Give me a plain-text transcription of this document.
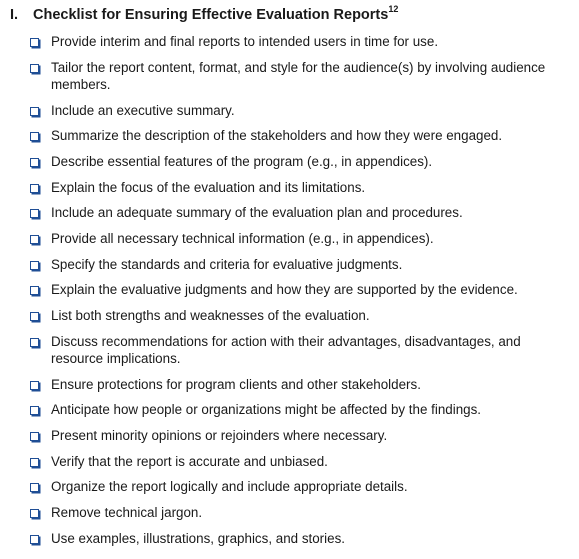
I. Checklist for Ensuring Effective Evaluation Reports$^{12}$
Provide interim and final reports to intended users in time for use.
Tailor the report content, format, and style for the audience(s) by involving audience members.
Include an executive summary.
Summarize the description of the stakeholders and how they were engaged.
Describe essential features of the program (e.g., in appendices).
Explain the focus of the evaluation and its limitations.
Include an adequate summary of the evaluation plan and procedures.
Provide all necessary technical information (e.g., in appendices).
Specify the standards and criteria for evaluative judgments.
Explain the evaluative judgments and how they are supported by the evidence.
List both strengths and weaknesses of the evaluation.
Discuss recommendations for action with their advantages, disadvantages, and resource implications.
Ensure protections for program clients and other stakeholders.
Anticipate how people or organizations might be affected by the findings.
Present minority opinions or rejoinders where necessary.
Verify that the report is accurate and unbiased.
Organize the report logically and include appropriate details.
Remove technical jargon.
Use examples, illustrations, graphics, and stories.
